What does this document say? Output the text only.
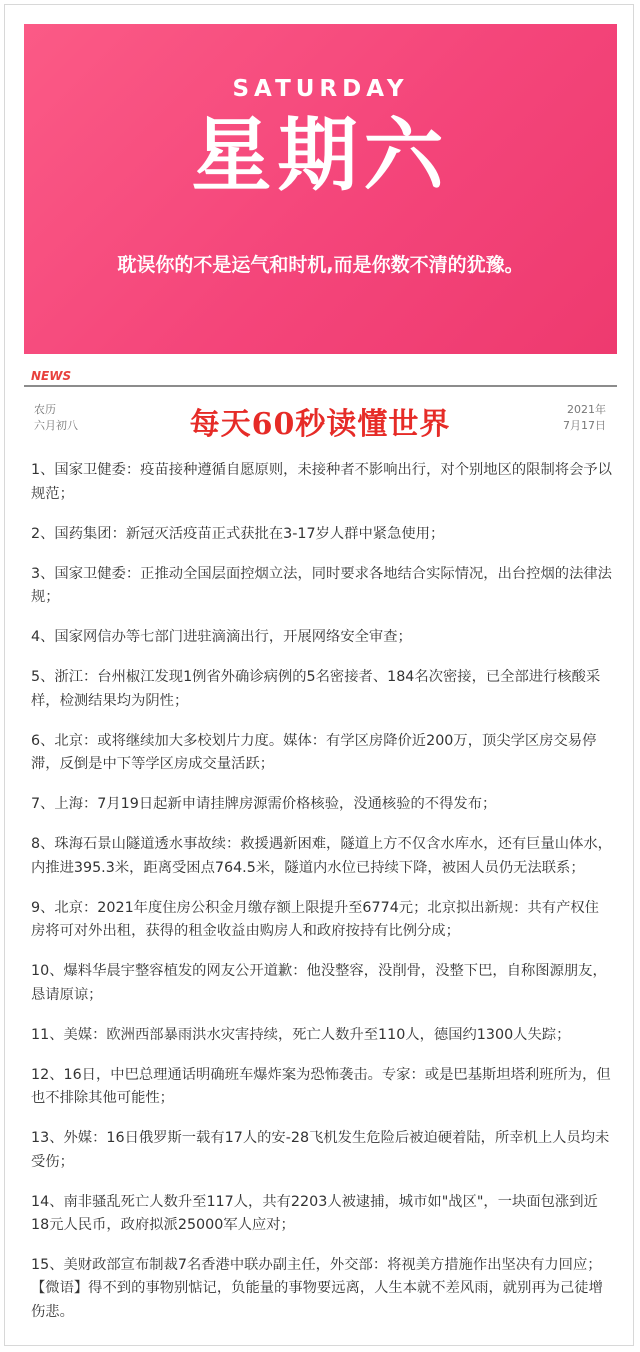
SATURDAY
星期六
耽误你的不是运气和时机,而是你数不清的犹豫。
NEWS
农历
六月初八	每天60秒读懂世界	2021年
7月17日
1、国家卫健委：疫苗接种遵循自愿原则，未接种者不影响出行，对个别地区的限制将会予以规范；
2、国药集团：新冠灭活疫苗正式获批在3-17岁人群中紧急使用；
3、国家卫健委：正推动全国层面控烟立法，同时要求各地结合实际情况，出台控烟的法律法规；
4、国家网信办等七部门进驻滴滴出行，开展网络安全审查；
5、浙江：台州椒江发现1例省外确诊病例的5名密接者、184名次密接，已全部进行核酸采样，检测结果均为阴性；
6、北京：或将继续加大多校划片力度。媒体：有学区房降价近200万，顶尖学区房交易停滞，反倒是中下等学区房成交量活跃；
7、上海：7月19日起新申请挂牌房源需价格核验，没通核验的不得发布；
8、珠海石景山隧道透水事故续：救援遇新困难，隧道上方不仅含水库水，还有巨量山体水，内推进395.3米，距离受困点764.5米，隧道内水位已持续下降，被困人员仍无法联系；
9、北京：2021年度住房公积金月缴存额上限提升至6774元；北京拟出新规：共有产权住房将可对外出租，获得的租金收益由购房人和政府按持有比例分成；
10、爆料华晨宇整容植发的网友公开道歉：他没整容，没削骨，没整下巴，自称图源朋友，恳请原谅；
11、美媒：欧洲西部暴雨洪水灾害持续，死亡人数升至110人，德国约1300人失踪；
12、16日，中巴总理通话明确班车爆炸案为恐怖袭击。专家：或是巴基斯坦塔利班所为，但也不排除其他可能性；
13、外媒：16日俄罗斯一载有17人的安-28飞机发生危险后被迫硬着陆，所幸机上人员均未受伤；
14、南非骚乱死亡人数升至117人，共有2203人被逮捕，城市如"战区"，一块面包涨到近18元人民币，政府拟派25000军人应对；
15、美财政部宣布制裁7名香港中联办副主任，外交部：将视美方措施作出坚决有力回应；

【微语】得不到的事物别惦记，负能量的事物要远离，人生本就不差风雨，就别再为己徒增伤悲。
